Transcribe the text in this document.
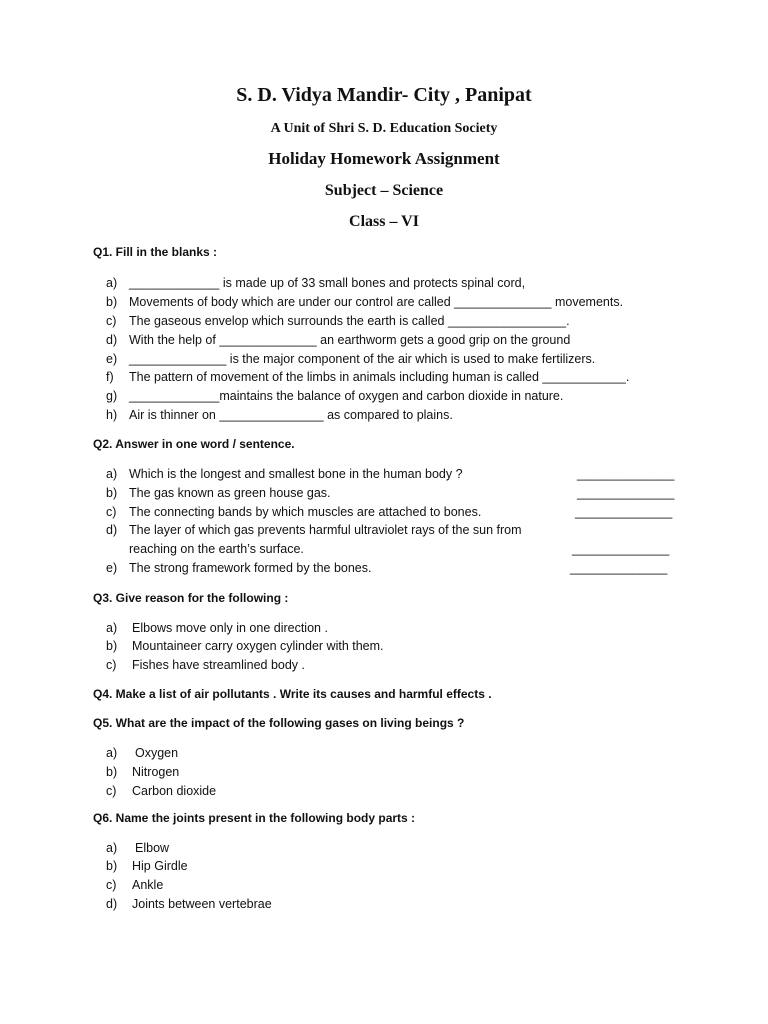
S. D. Vidya Mandir- City , Panipat
A Unit of Shri S. D. Education Society
Holiday Homework Assignment
Subject – Science
Class – VI
Q1. Fill in the blanks :
a) _____________ is made up of 33 small bones and protects spinal cord,
b) Movements of body which are under our control are called ______________ movements.
c)	The gaseous envelop which surrounds the earth is called _________________.
d) With the help of ______________ an earthworm gets a good grip on the ground
e) ______________ is the major component of the air which is used to make fertilizers.
f)	The pattern of movement of the limbs in animals including human is called ____________.
g) _____________maintains the balance of oxygen and carbon dioxide in nature.
h) Air is thinner on _______________ as compared to plains.
Q2. Answer in one word / sentence.
a) Which is the longest and smallest bone in the human body ?	______________
b) The gas known as green house gas.	______________
c)	The connecting bands by which muscles are attached to bones.	______________
d) The layer of which gas prevents harmful ultraviolet rays of the sun from
reaching on the earth’s surface.	______________
e) The strong framework formed by the bones.	______________
Q3. Give reason for the following :
a)	Elbows move only in one direction .
b)	Mountaineer carry oxygen cylinder with them.
c)	Fishes have streamlined body .
Q4. Make a list of air pollutants . Write its causes and harmful effects .
Q5. What are the impact of the following gases on living beings ?
a)	Oxygen
b)	Nitrogen
c)	Carbon dioxide
Q6. Name the joints present in the following body parts :
a)	Elbow
b)	Hip Girdle
c)	Ankle
d)	Joints between vertebrae
